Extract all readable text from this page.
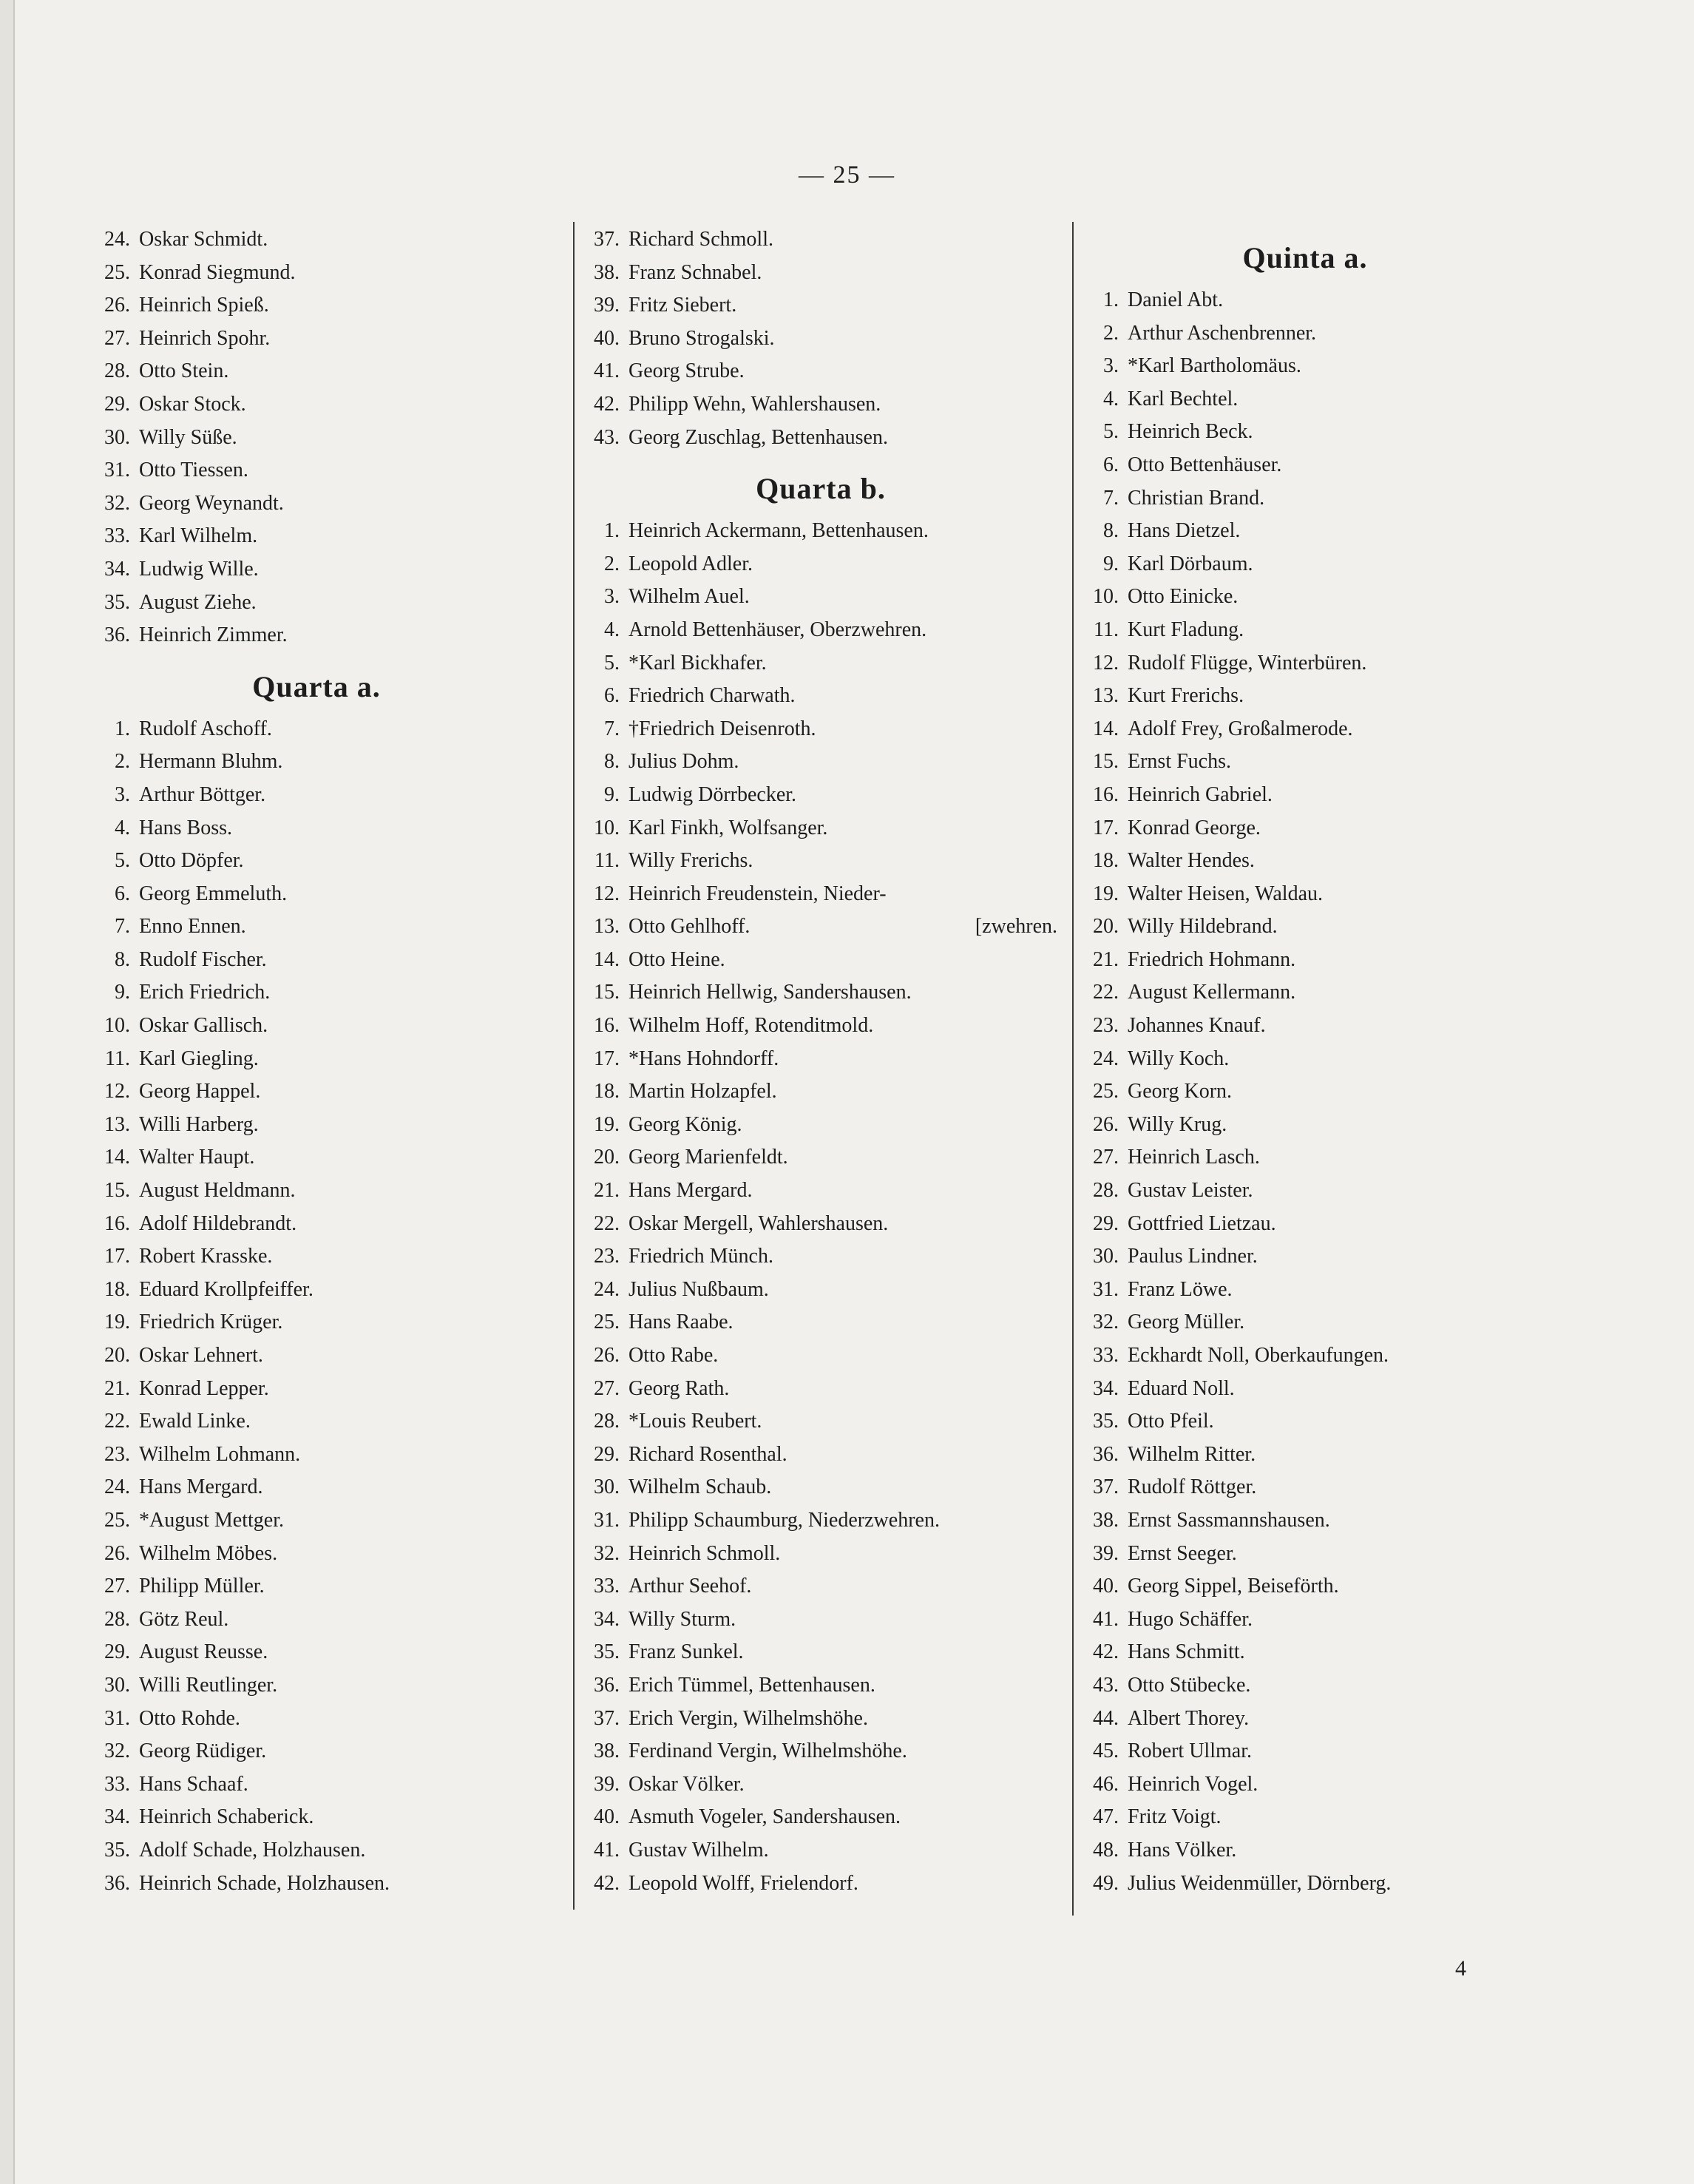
— 25 —
24. Oskar Schmidt.
25. Konrad Siegmund.
26. Heinrich Spieß.
27. Heinrich Spohr.
28. Otto Stein.
29. Oskar Stock.
30. Willy Süße.
31. Otto Tiessen.
32. Georg Weynandt.
33. Karl Wilhelm.
34. Ludwig Wille.
35. August Ziehe.
36. Heinrich Zimmer.
Quarta a.
1. Rudolf Aschoff.
2. Hermann Bluhm.
3. Arthur Böttger.
4. Hans Boss.
5. Otto Döpfer.
6. Georg Emmeluth.
7. Enno Ennen.
8. Rudolf Fischer.
9. Erich Friedrich.
10. Oskar Gallisch.
11. Karl Giegling.
12. Georg Happel.
13. Willi Harberg.
14. Walter Haupt.
15. August Heldmann.
16. Adolf Hildebrandt.
17. Robert Krasske.
18. Eduard Krollpfeiffer.
19. Friedrich Krüger.
20. Oskar Lehnert.
21. Konrad Lepper.
22. Ewald Linke.
23. Wilhelm Lohmann.
24. Hans Mergard.
25. *August Mettger.
26. Wilhelm Möbes.
27. Philipp Müller.
28. Götz Reul.
29. August Reusse.
30. Willi Reutlinger.
31. Otto Rohde.
32. Georg Rüdiger.
33. Hans Schaaf.
34. Heinrich Schaberick.
35. Adolf Schade, Holzhausen.
36. Heinrich Schade, Holzhausen.
37. Richard Schmoll.
38. Franz Schnabel.
39. Fritz Siebert.
40. Bruno Strogalski.
41. Georg Strube.
42. Philipp Wehn, Wahlershausen.
43. Georg Zuschlag, Bettenhausen.
Quarta b.
1. Heinrich Ackermann, Bettenhausen.
2. Leopold Adler.
3. Wilhelm Auel.
4. Arnold Bettenhäuser, Oberzwehren.
5. *Karl Bickhafer.
6. Friedrich Charwath.
7. †Friedrich Deisenroth.
8. Julius Dohm.
9. Ludwig Dörrbecker.
10. Karl Finkh, Wolfsanger.
11. Willy Frerichs.
12. Heinrich Freudenstein, Nieder-
13. Otto Gehlhoff.	[zwehren.
14. Otto Heine.
15. Heinrich Hellwig, Sandershausen.
16. Wilhelm Hoff, Rotenditmold.
17. *Hans Hohndorff.
18. Martin Holzapfel.
19. Georg König.
20. Georg Marienfeldt.
21. Hans Mergard.
22. Oskar Mergell, Wahlershausen.
23. Friedrich Münch.
24. Julius Nußbaum.
25. Hans Raabe.
26. Otto Rabe.
27. Georg Rath.
28. *Louis Reubert.
29. Richard Rosenthal.
30. Wilhelm Schaub.
31. Philipp Schaumburg, Niederzwehren.
32. Heinrich Schmoll.
33. Arthur Seehof.
34. Willy Sturm.
35. Franz Sunkel.
36. Erich Tümmel, Bettenhausen.
37. Erich Vergin, Wilhelmshöhe.
38. Ferdinand Vergin, Wilhelmshöhe.
39. Oskar Völker.
40. Asmuth Vogeler, Sandershausen.
41. Gustav Wilhelm.
42. Leopold Wolff, Frielendorf.
Quinta a.
1. Daniel Abt.
2. Arthur Aschenbrenner.
3. *Karl Bartholomäus.
4. Karl Bechtel.
5. Heinrich Beck.
6. Otto Bettenhäuser.
7. Christian Brand.
8. Hans Dietzel.
9. Karl Dörbaum.
10. Otto Einicke.
11. Kurt Fladung.
12. Rudolf Flügge, Winterbüren.
13. Kurt Frerichs.
14. Adolf Frey, Großalmerode.
15. Ernst Fuchs.
16. Heinrich Gabriel.
17. Konrad George.
18. Walter Hendes.
19. Walter Heisen, Waldau.
20. Willy Hildebrand.
21. Friedrich Hohmann.
22. August Kellermann.
23. Johannes Knauf.
24. Willy Koch.
25. Georg Korn.
26. Willy Krug.
27. Heinrich Lasch.
28. Gustav Leister.
29. Gottfried Lietzau.
30. Paulus Lindner.
31. Franz Löwe.
32. Georg Müller.
33. Eckhardt Noll, Oberkaufungen.
34. Eduard Noll.
35. Otto Pfeil.
36. Wilhelm Ritter.
37. Rudolf Röttger.
38. Ernst Sassmannshausen.
39. Ernst Seeger.
40. Georg Sippel, Beiseförth.
41. Hugo Schäffer.
42. Hans Schmitt.
43. Otto Stübecke.
44. Albert Thorey.
45. Robert Ullmar.
46. Heinrich Vogel.
47. Fritz Voigt.
48. Hans Völker.
49. Julius Weidenmüller, Dörnberg.
4
